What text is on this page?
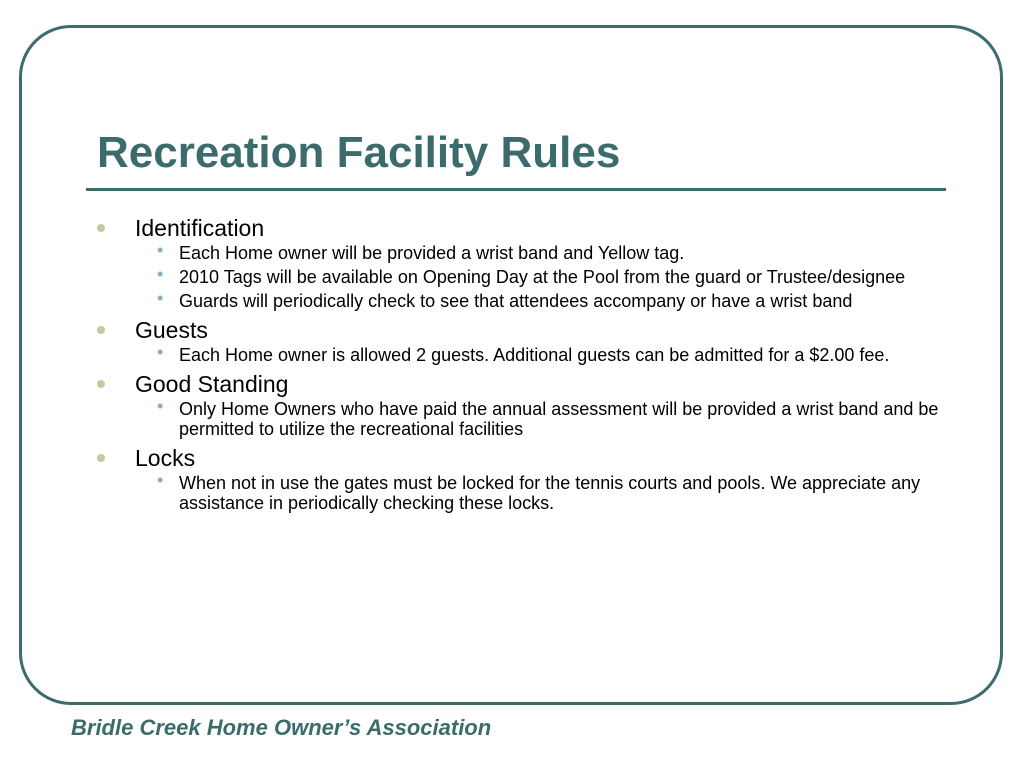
Recreation Facility Rules
Identification
• Each Home owner will be provided a wrist band and Yellow tag.
• 2010 Tags will be available on Opening Day at the Pool from the guard or Trustee/designee
• Guards will periodically check to see that attendees accompany or have a wrist band
Guests
• Each Home owner is allowed 2 guests. Additional guests can be admitted for a $2.00 fee.
Good Standing
• Only Home Owners who have paid the annual assessment will be provided a wrist band and be permitted to utilize the recreational facilities
Locks
• When not in use the gates must be locked for the tennis courts and pools. We appreciate any assistance in periodically checking these locks.

Bridle Creek Home Owner’s Association
